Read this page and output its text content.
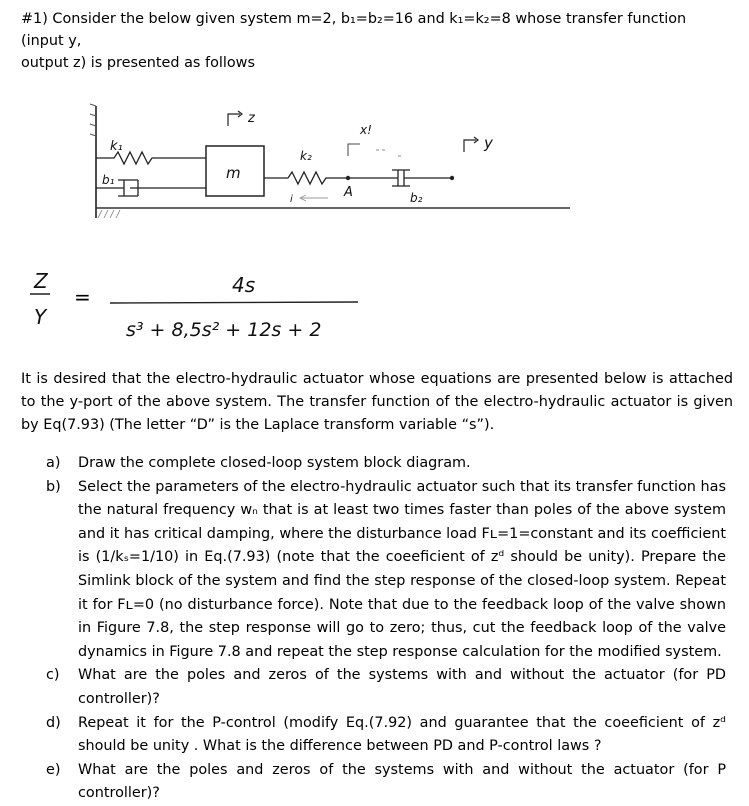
#1) Consider the below given system m=2, b₁=b₂=16 and k₁=k₂=8 whose transfer function (input y,
output z) is presented as follows
z
k₁
b₁	m
k₂
x!
A	b₂
y
i
Z
Y
=	4s
s³ + 8,5s² + 12s + 2
It is desired that the electro-hydraulic actuator whose equations are presented below is attached to the y-port of the above system. The transfer function of the electro-hydraulic actuator is given by Eq(7.93) (The letter “D” is the Laplace transform variable “s”).
a)	Draw the complete closed-loop system block diagram.
b)	Select the parameters of the electro-hydraulic actuator such that its transfer function has the natural frequency wₙ that is at least two times faster than poles of the above system and it has critical damping, where the disturbance load Fʟ=1=constant and its coefficient is (1/kₛ=1/10) in Eq.(7.93) (note that the coeeficient of zᵈ should be unity). Prepare the Simlink block of the system and find the step response of the closed-loop system. Repeat it for Fʟ=0 (no disturbance force). Note that due to the feedback loop of the valve shown in Figure 7.8, the step response will go to zero; thus, cut the feedback loop of the valve dynamics in Figure 7.8 and repeat the step response calculation for the modified system.
c)	What are the poles and zeros of the systems with and without the actuator (for PD controller)?
d)	Repeat it for the P-control (modify Eq.(7.92) and guarantee that the coeeficient of zᵈ should be unity . What is the difference between PD and P-control laws ?
e)	What are the poles and zeros of the systems with and without the actuator (for P controller)?
